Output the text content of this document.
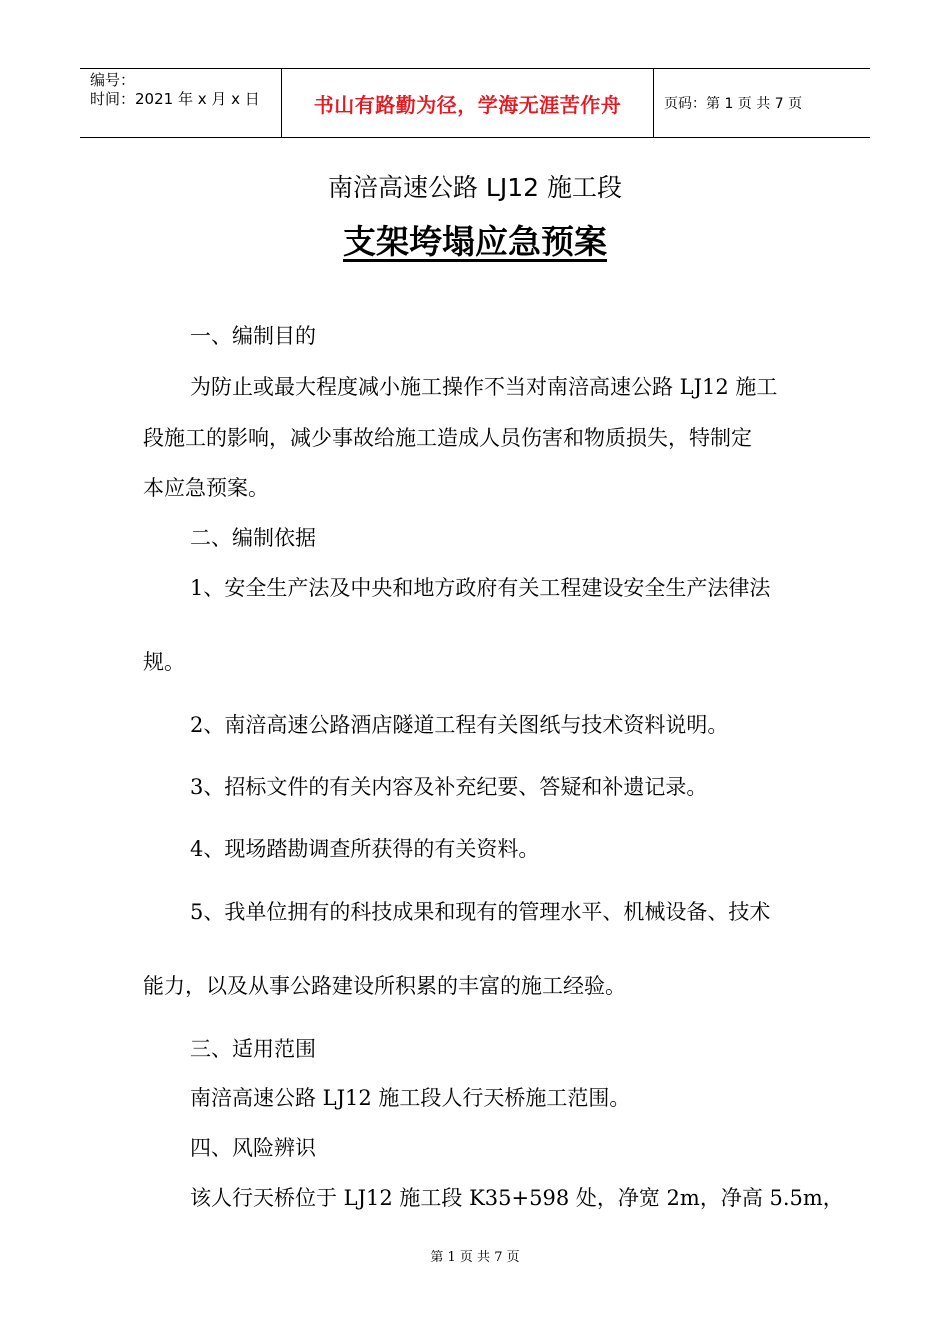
编号：
时间：2021 年 x 月 x 日	书山有路勤为径，学海无涯苦作舟	页码：第 1 页 共 7 页
南涪高速公路 LJ12 施工段
支架垮塌应急预案
一、编制目的
为防止或最大程度减小施工操作不当对南涪高速公路 LJ12 施工
段施工的影响，减少事故给施工造成人员伤害和物质损失，特制定
本应急预案。
二、编制依据
1、安全生产法及中央和地方政府有关工程建设安全生产法律法
规。
2、南涪高速公路酒店隧道工程有关图纸与技术资料说明。
3、招标文件的有关内容及补充纪要、答疑和补遗记录。
4、现场踏勘调查所获得的有关资料。
5、我单位拥有的科技成果和现有的管理水平、机械设备、技术
能力，以及从事公路建设所积累的丰富的施工经验。
三、适用范围
南涪高速公路 LJ12 施工段人行天桥施工范围。
四、风险辨识
该人行天桥位于 LJ12 施工段 K35+598 处，净宽 2m，净高 5.5m，
第 1 页 共 7 页
